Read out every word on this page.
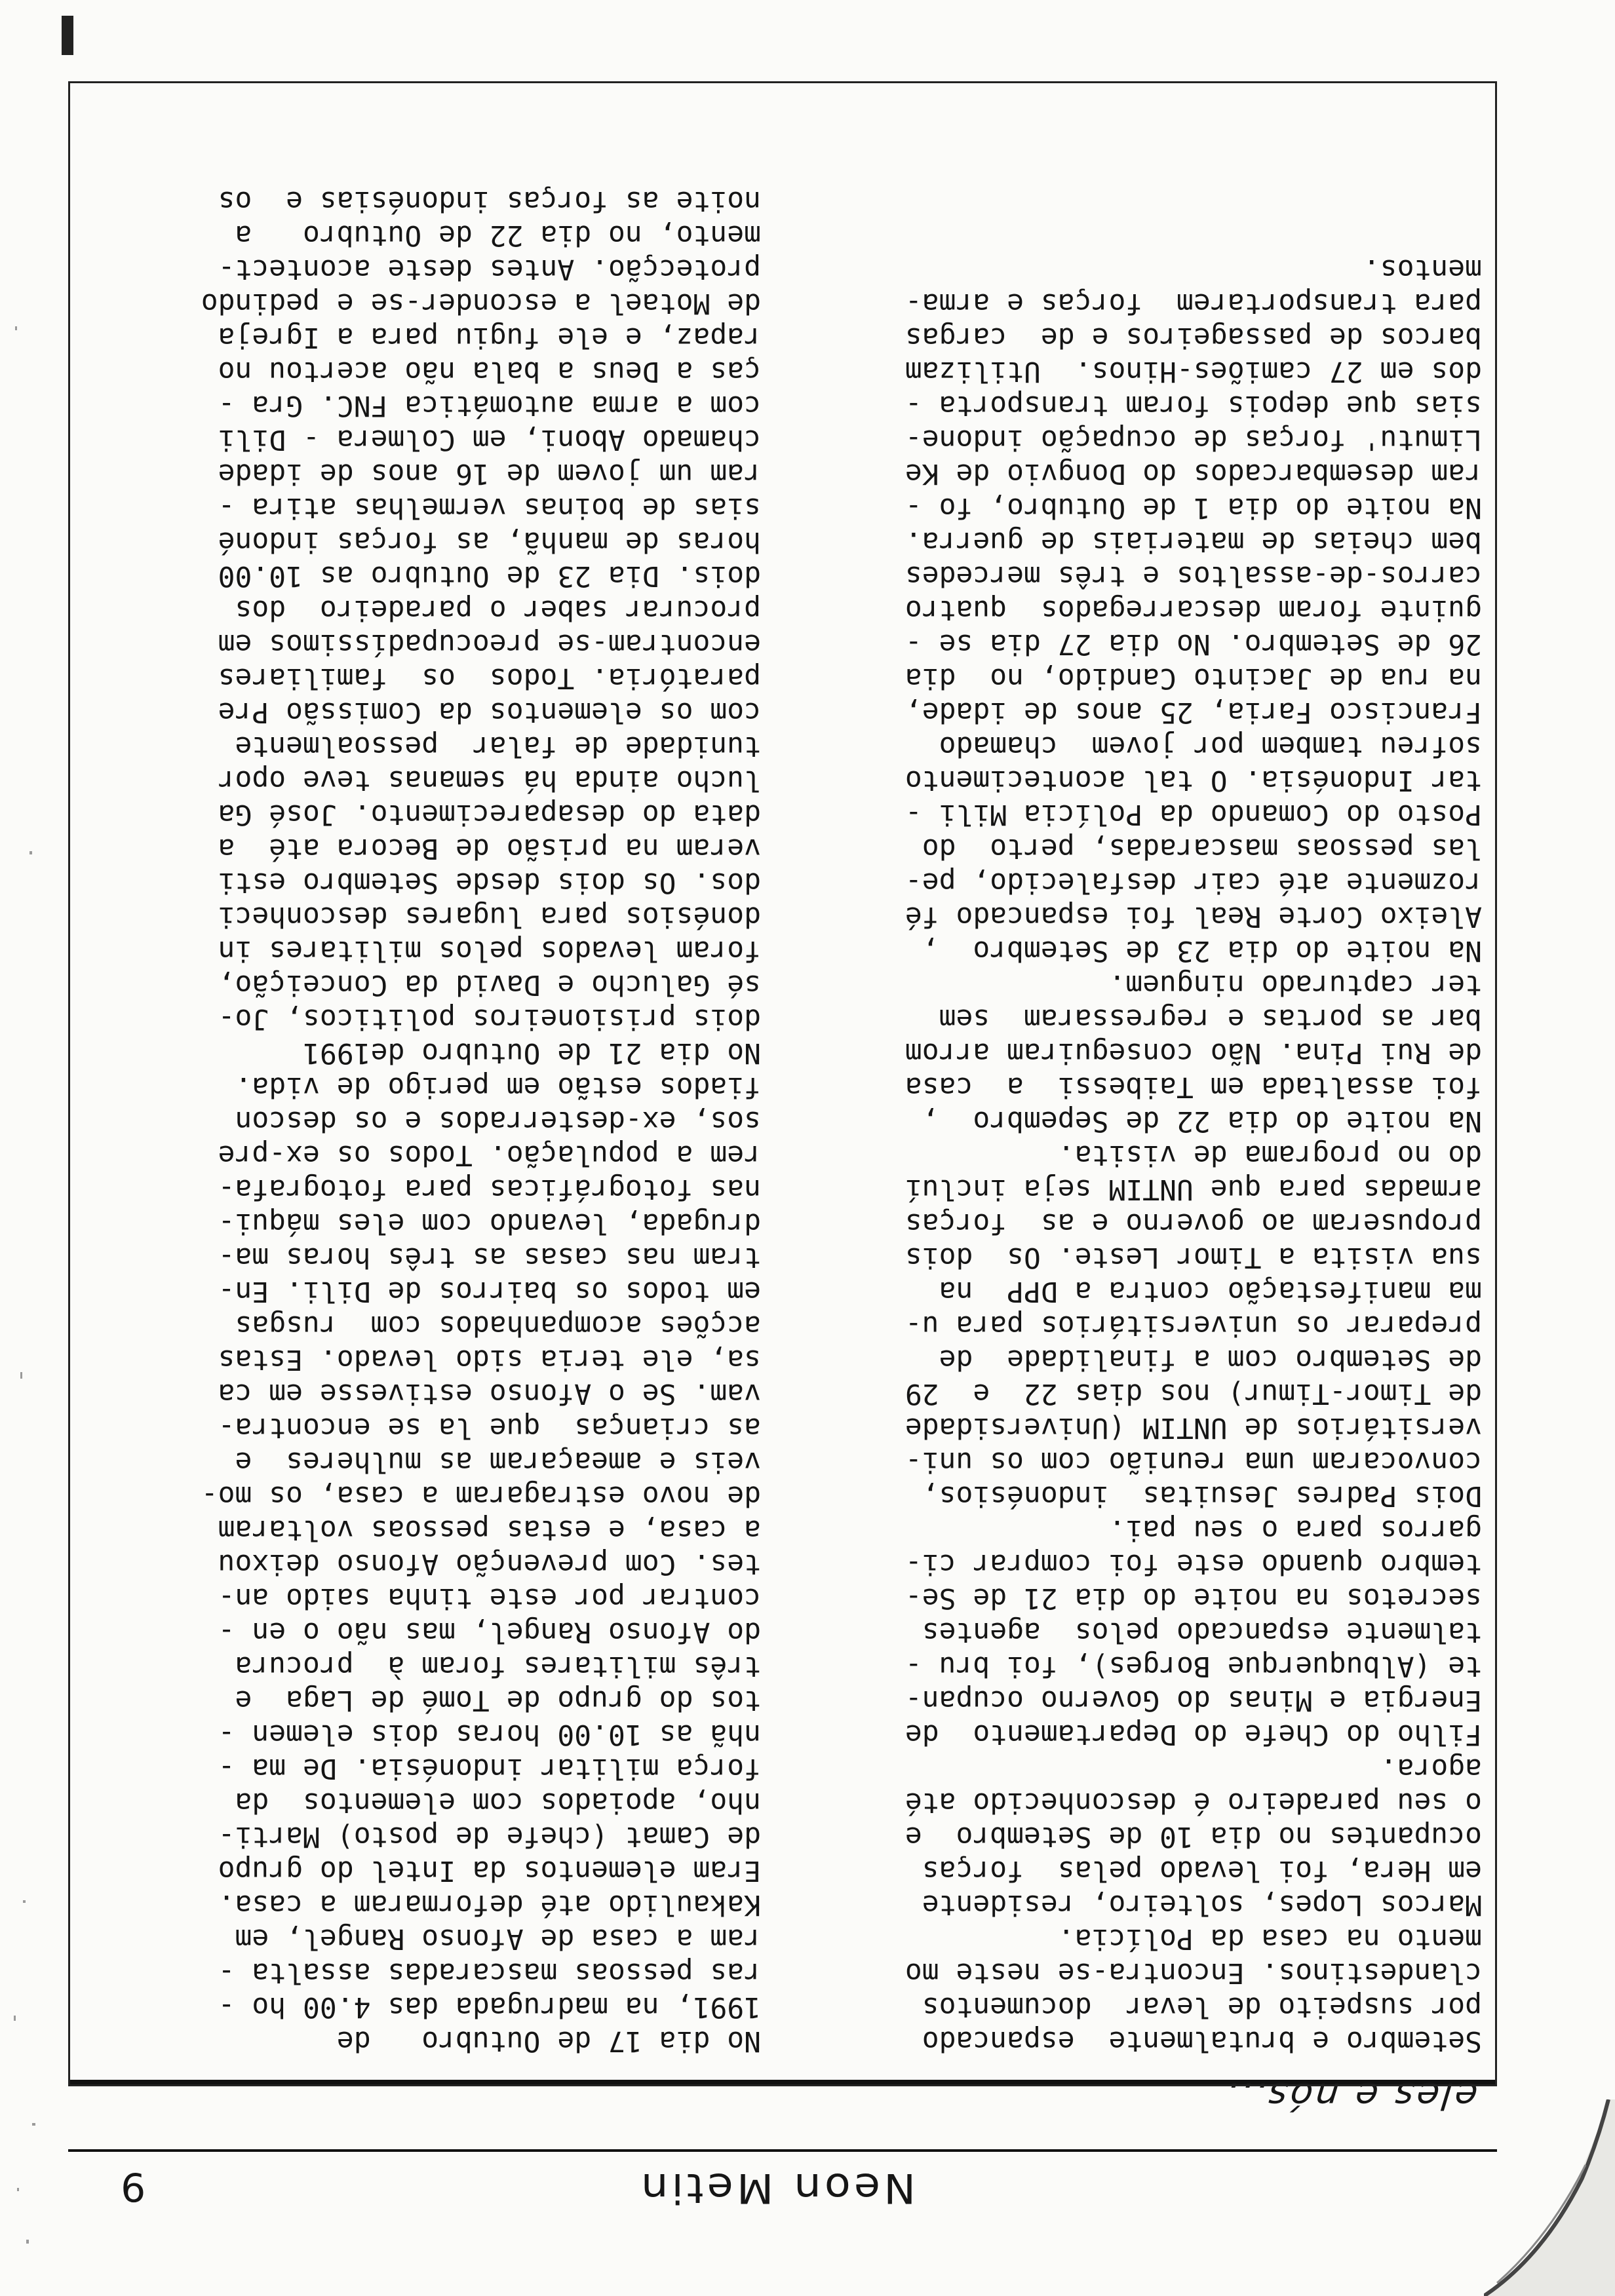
Neon Metin
9
eles e nós...
Setembro e brutalmente  espancado
por suspeito de levar  documentos
clandestinos. Encontra-se neste mo
mento na casa da Polícia.
Marcos Lopes, solteiro, residente
em Hera, foi levado pelas  forças
ocupantes no dia 10 de Setembro  e
o seu paradeiro é desconhecido até
agora.
Filho do Chefe do Departamento  de
Energia e Minas do Governo ocupan-
te (Albuquerque Borges), foi bru -
talmente espancado pelos  agentes
secretos na noite do dia 21 de Se-
tembro quando este foi comprar ci-
garros para o seu pai.
Dois Padres Jesuitas  indonésios,
convocaram uma reunião com os uni-
versitários de UNTIM (Universidade
de Timor-Timur) nos dias 22  e  29
de Setembro com a finalidade  de
preparar os universitários para u-
ma manifestação contra a DPP  na
sua visita a Timor Leste. Os  dois
propuseram ao governo e as  forças
armadas para que UNTIM seja incluí
do no programa de visita.
Na noite do dia 22 de Sepembro  ,
foi assaltada em Taibessi  a  casa
de Rui Pina. Não conseguiram arrom
bar as portas e regressaram  sem
ter capturado ninguem.
Na noite do dia 23 de Setembro  ,
Aleixo Corte Real foi espancado fé
rozmente até cair desfalecido, pe-
las pessoas mascaradas, perto  do
Posto do Comando da Polícia Mili -
tar Indonésia. O tal acontecimento
sofreu tambem por jovem  chamado
Francisco Faria, 25 anos de idade,
na rua de Jacinto Candido, no  dia
26 de Setembro. No dia 27 dia se -
guinte foram descarregados  quatro
carros-de-assaltos e três mercedes
bem cheias de materiais de guerra.
Na noite do dia 1 de Outubro, fo -
ram desembarcados do Dongvio de Ke
Limutu' forças de ocupação indone-
sias que depois foram transporta -
dos em 27 camiões-Hinos.  Utilizam
barcos de passageiros e de  cargas
para transportarem  forças e arma-
mentos.
No dia 17 de Outubro   de
1991, na madrugada das 4.00 ho -
ras pessoas mascaradas assalta -
ram a casa de Afonso Rangel, em
Kakaulido até deformaram a casa.
Eram elementos da Intel do grupo
de Camat (chefe de posto) Marti-
nho, apoiados com elementos  da
força militar indonésia. De ma -
nhã as 10.00 horas dois elemen -
tos do grupo de Tomé de Laga  e
três militares foram à  procura
do Afonso Rangel, mas não o en -
contrar por este tinha saido an-
tes. Com prevenção Afonso deixou
a casa, e estas pessoas voltaram
de novo estragaram a casa, os mo-
veis e ameaçaram as mulheres  e
as crianças  que la se encontra-
vam. Se o Afonso estivesse em ca
sa, ele teria sido levado. Estas
acções acompanhados com  rusgas
em todos os bairros de Dili. En-
tram nas casas as três horas ma-
drugada, levando com eles máqui-
nas fotográficas para fotografa-
rem a população. Todos os ex-pre
sos, ex-desterrados e os descon
fiados estão em perigo de vida.
No dia 21 de Outubro de1991
dois prisioneiros politicos, Jo-
sé Galucho e David da Conceição,
foram levados pelos militares in
donésios para lugares desconheci
dos. Os dois desde Setembro esti
veram na prisão de Becora até  a
data do desaparecimento. José Ga
lucho ainda há semanas teve opor
tunidade de falar  pessoalmente
com os elementos da Comissão Pre
paratória. Todos  os  familiares
encontram-se preocupadíssimos em
procurar saber o paradeiro  dos
dois. Dia 23 de Outubro as 10.00
horas de manhã, as forças indoné
sias de boinas vermelhas atira -
ram um jovem de 16 anos de idade
chamado Aboni, em Colmera - Dili
com a arma automática FNC. Gra -
ças a Deus a bala não acertou no
rapaz, e ele fugiu para a Igreja
de Motael a esconder-se e pedindo
protecção. Antes deste acontect-
mento, no dia 22 de Outubro   a
noite as forças indonésias e  os
